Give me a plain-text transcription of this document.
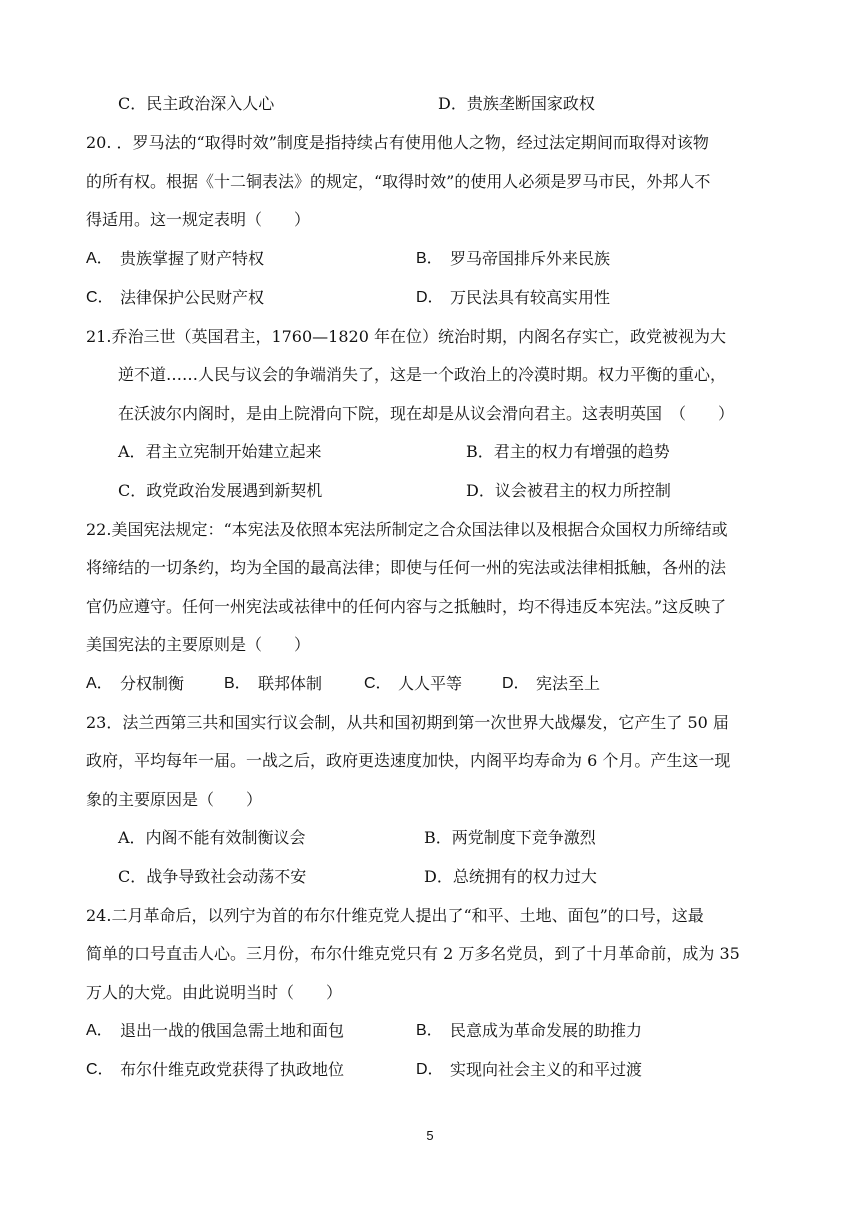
C．民主政治深入人心	D．贵族垄断国家政权
20. ．罗马法的“取得时效”制度是指持续占有使用他人之物，经过法定期间而取得对该物
的所有权。根据《十二铜表法》的规定，“取得时效”的使用人必须是罗马市民，外邦人不
得适用。这一规定表明（　　）
A． 贵族掌握了财产特权	B． 罗马帝国排斥外来民族
C． 法律保护公民财产权	D． 万民法具有较高实用性
21.乔治三世（英国君主，1760—1820 年在位）统治时期，内阁名存实亡，政党被视为大
逆不道……人民与议会的争端消失了，这是一个政治上的冷漠时期。权力平衡的重心，
在沃波尔内阁时，是由上院滑向下院，现在却是从议会滑向君主。这表明英国　（　　）
A．君主立宪制开始建立起来	B．君主的权力有增强的趋势
C．政党政治发展遇到新契机	D．议会被君主的权力所控制
22.美国宪法规定：“本宪法及依照本宪法所制定之合众国法律以及根据合众国权力所缔结或
将缔结的一切条约，均为全国的最高法律；即使与任何一州的宪法或法律相抵触，各州的法
官仍应遵守。任何一州宪法或祛律中的任何内容与之抵触时，均不得违反本宪法。”这反映了
美国宪法的主要原则是（　　）
A． 分权制衡 B． 联邦体制	C． 人人平等 D． 宪法至上
23．法兰西第三共和国实行议会制，从共和国初期到第一次世界大战爆发，它产生了 50 届
政府，平均每年一届。一战之后，政府更迭速度加快，内阁平均寿命为 6 个月。产生这一现
象的主要原因是（　　）
A．内阁不能有效制衡议会	B．两党制度下竞争激烈
C．战争导致社会动荡不安	D．总统拥有的权力过大
24.二月革命后，以列宁为首的布尔什维克党人提出了“和平、土地、面包”的口号，这最
简单的口号直击人心。三月份，布尔什维克党只有 2 万多名党员，到了十月革命前，成为 35
万人的大党。由此说明当时（　　）
A． 退出一战的俄国急需土地和面包	B． 民意成为革命发展的助推力
C． 布尔什维克政党获得了执政地位	D． 实现向社会主义的和平过渡
5
